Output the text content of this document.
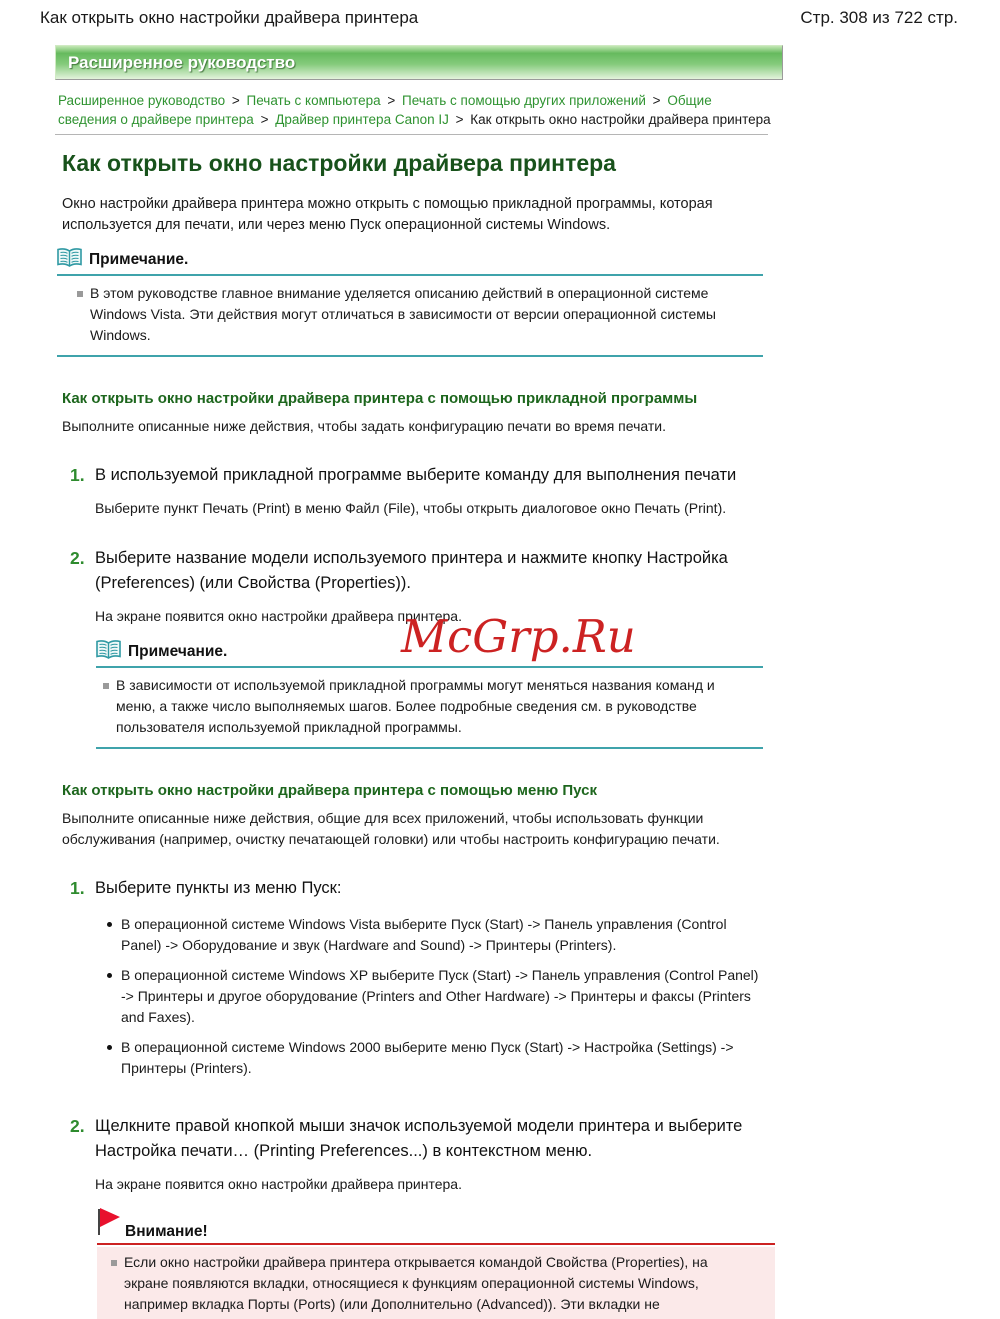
Как открыть окно настройки драйвера принтера	Стр. 308 из 722 стр.
Расширенное руководство
Расширенное руководство > Печать с компьютера > Печать с помощью других приложений > Общие сведения о драйвере принтера > Драйвер принтера Canon IJ > Как открыть окно настройки драйвера принтера
Как открыть окно настройки драйвера принтера

Окно настройки драйвера принтера можно открыть с помощью прикладной программы, которая используется для печати, или через меню Пуск операционной системы Windows.

Примечание.
В этом руководстве главное внимание уделяется описанию действий в операционной системе Windows Vista. Эти действия могут отличаться в зависимости от версии операционной системы Windows.
Как открыть окно настройки драйвера принтера с помощью прикладной программы

Выполните описанные ниже действия, чтобы задать конфигурацию печати во время печати.

1. В используемой прикладной программе выберите команду для выполнения печати

Выберите пункт Печать (Print) в меню Файл (File), чтобы открыть диалоговое окно Печать (Print).

2. Выберите название модели используемого принтера и нажмите кнопку Настройка (Preferences) (или Свойства (Properties)).

На экране появится окно настройки драйвера принтера.

Примечание.
В зависимости от используемой прикладной программы могут меняться названия команд и меню, а также число выполняемых шагов. Более подробные сведения см. в руководстве пользователя используемой прикладной программы.
Как открыть окно настройки драйвера принтера с помощью меню Пуск

Выполните описанные ниже действия, общие для всех приложений, чтобы использовать функции обслуживания (например, очистку печатающей головки) или чтобы настроить конфигурацию печати.

1. Выберите пункты из меню Пуск:
В операционной системе Windows Vista выберите Пуск (Start) -> Панель управления (Control Panel) -> Оборудование и звук (Hardware and Sound) -> Принтеры (Printers).
В операционной системе Windows XP выберите Пуск (Start) -> Панель управления (Control Panel) -> Принтеры и другое оборудование (Printers and Other Hardware) -> Принтеры и факсы (Printers and Faxes).
В операционной системе Windows 2000 выберите меню Пуск (Start) -> Настройка (Settings) -> Принтеры (Printers).
2. Щелкните правой кнопкой мыши значок используемой модели принтера и выберите Настройка печати… (Printing Preferences...) в контекстном меню.

На экране появится окно настройки драйвера принтера.

Внимание!
Если окно настройки драйвера принтера открывается командой Свойства (Properties), на экране появляются вкладки, относящиеся к функциям операционной системы Windows, например вкладка Порты (Ports) (или Дополнительно (Advanced)). Эти вкладки не
McGrp.Ru
